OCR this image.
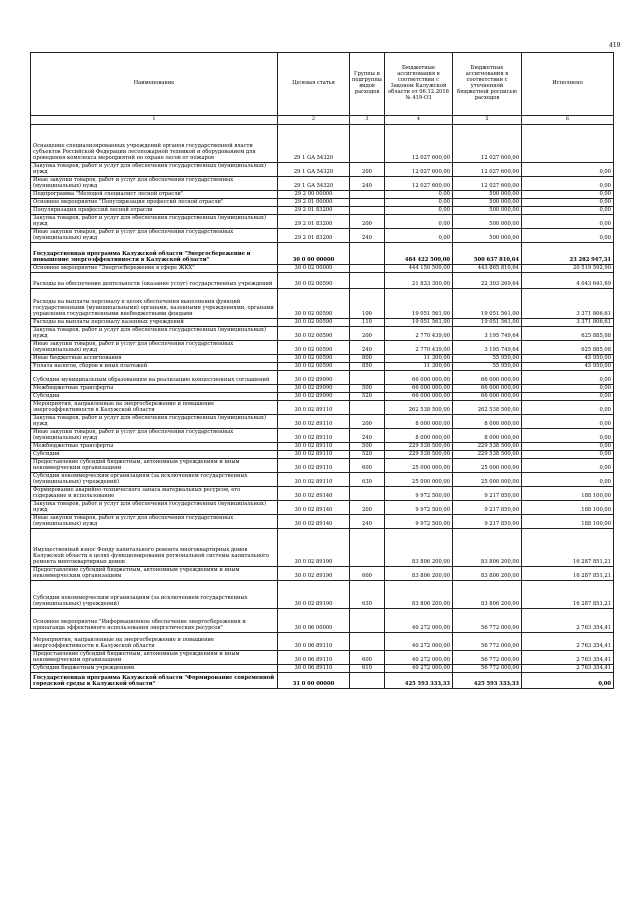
419
Наименование	Целевая статья	Группы и подгруппы видов расходов	Бюджетные ассигнования в соответствии с Законом Калужской области от 06.12.2018 № 419-ОЗ	Бюджетные ассигнования в соответствии с уточненной бюджетной росписью расходов	Исполнено
1	2	3	4	5	6
Оснащение специализированных учреждений органов государственной власти субъектов Российской Федерации лесопожарной техникой и оборудованием для проведения комплекса мероприятий по охране лесов от пожаров	29 1 GA 54320		12 027 600,00	12 027 600,00	
Закупка товаров, работ и услуг для обеспечения государственных (муниципальных) нужд	29 1 GA 54320	200	12 027 600,00	12 027 600,00	0,00
Иные закупки товаров, работ и услуг для обеспечения государственных (муниципальных) нужд	29 1 GA 54320	240	12 027 600,00	12 027 600,00	0,00
Подпрограмма "Молодой специалист лесной отрасли"	29 2 00 00000		0,00	500 000,00	0,00
Основное мероприятие "Популяризация профессий лесной отрасли"	29 2 01 00000		0,00	500 000,00	0,00
Популяризация профессий лесной отрасли	29 2 01 83200		0,00	500 000,00	0,00
Закупка товаров, работ и услуг для обеспечения государственных (муниципальных) нужд	29 2 01 83200	200	0,00	500 000,00	0,00
Иные закупки товаров, работ и услуг для обеспечения государственных (муниципальных) нужд	29 2 01 83200	240	0,00	500 000,00	0,00
Государственная программа Калужской области "Энергосбережение и повышение энергоэффективности в Калужской области"	30 0 00 00000		484 422 500,00	500 637 810,64	23 282 947,31
Основное мероприятие "Энергосбережение в сфере ЖКХ"	30 0 02 00000		444 150 500,00	443 865 810,64	20 519 592,90
Расходы на обеспечение деятельности (оказание услуг) государственных учреждений	30 0 02 00590		21 833 300,00	22 303 269,64	4 043 641,69
Расходы на выплаты персоналу в целях обеспечения выполнения функций государственными (муниципальными) органами, казенными учреждениями, органами управления государственными внебюджетными фондами	30 0 02 00590	100	19 051 561,00	19 051 561,00	3 371 806,61
Расходы на выплаты персоналу казенных учреждений	30 0 02 00590	110	19 051 561,00	19 051 561,00	3 371 806,61
Закупка товаров, работ и услуг для обеспечения государственных (муниципальных) нужд	30 0 02 00590	200	2 770 439,00	3 195 749,64	625 885,08
Иные закупки товаров, работ и услуг для обеспечения государственных (муниципальных) нужд	30 0 02 00590	240	2 770 439,00	3 195 749,64	625 885,08
Иные бюджетные ассигнования	30 0 02 00590	800	11 300,00	55 950,00	45 950,00
Уплата налогов, сборов и иных платежей	30 0 02 00590	850	11 300,00	55 950,00	45 950,00
Субсидии муниципальным образованиям на реализацию концессионных соглашений	30 0 02 89090		66 000 000,00	66 000 000,00	0,00
Межбюджетные трансферты	30 0 02 89090	500	66 000 000,00	66 000 000,00	0,00
Субсидии	30 0 02 89090	520	66 000 000,00	66 000 000,00	0,00
Мероприятия, направленные на энергосбережение и повышение энергоэффективности в Калужской области	30 0 02 89110		262 538 500,00	262 538 500,00	0,00
Закупка товаров, работ и услуг для обеспечения государственных (муниципальных) нужд	30 0 02 89110	200	8 000 000,00	8 000 000,00	0,00
Иные закупки товаров, работ и услуг для обеспечения государственных (муниципальных) нужд	30 0 02 89110	240	8 000 000,00	8 000 000,00	0,00
Межбюджетные трансферты	30 0 02 89110	500	229 538 500,00	229 538 500,00	0,00
Субсидии	30 0 02 89110	520	229 538 500,00	229 538 500,00	0,00
Предоставление субсидий бюджетным, автономным учреждениям и иным некоммерческим организациям	30 0 02 89110	600	25 000 000,00	25 000 000,00	0,00
Субсидии некоммерческим организациям (за исключением государственных (муниципальных) учреждений)	30 0 02 89110	630	25 000 000,00	25 000 000,00	0,00
Формирование аварийно-технического запаса материальных ресурсов, его содержание и использование	30 0 02 89140		9 972 500,00	9 217 850,00	188 100,00
Закупка товаров, работ и услуг для обеспечения государственных (муниципальных) нужд	30 0 02 89140	200	9 972 500,00	9 217 850,00	188 100,00
Иные закупки товаров, работ и услуг для обеспечения государственных (муниципальных) нужд	30 0 02 89140	240	9 972 500,00	9 217 850,00	188 100,00
Имущественный взнос Фонду капитального ремонта многоквартирных домов Калужской области в целях функционирования региональной системы капитального ремонта многоквартирных домов	30 0 02 89190		83 806 200,00	83 806 200,00	16 287 851,21
Предоставление субсидий бюджетным, автономным учреждениям и иным некоммерческим организациям	30 0 02 89190	600	83 806 200,00	83 806 200,00	16 287 851,21
Субсидии некоммерческим организациям (за исключением государственных (муниципальных) учреждений)	30 0 02 89190	630	83 806 200,00	83 806 200,00	16 287 851,21
Основное мероприятие "Информационное обеспечение энергосбережения и пропаганда эффективного использования энергетических ресурсов"	30 0 06 00000		40 272 000,00	56 772 000,00	2 763 354,41
Мероприятия, направленные на энергосбережение и повышение энергоэффективности в Калужской области	30 0 06 89110		40 272 000,00	56 772 000,00	2 763 354,41
Предоставление субсидий бюджетным, автономным учреждениям и иным некоммерческим организациям	30 0 06 89110	600	40 272 000,00	56 772 000,00	2 763 354,41
Субсидии бюджетным учреждениям	30 0 06 89110	610	40 272 000,00	56 772 000,00	2 763 354,41
Государственная программа Калужской области "Формирование современной городской среды в Калужской области"	31 0 00 00000		425 593 333,33	425 593 333,33	0,00
